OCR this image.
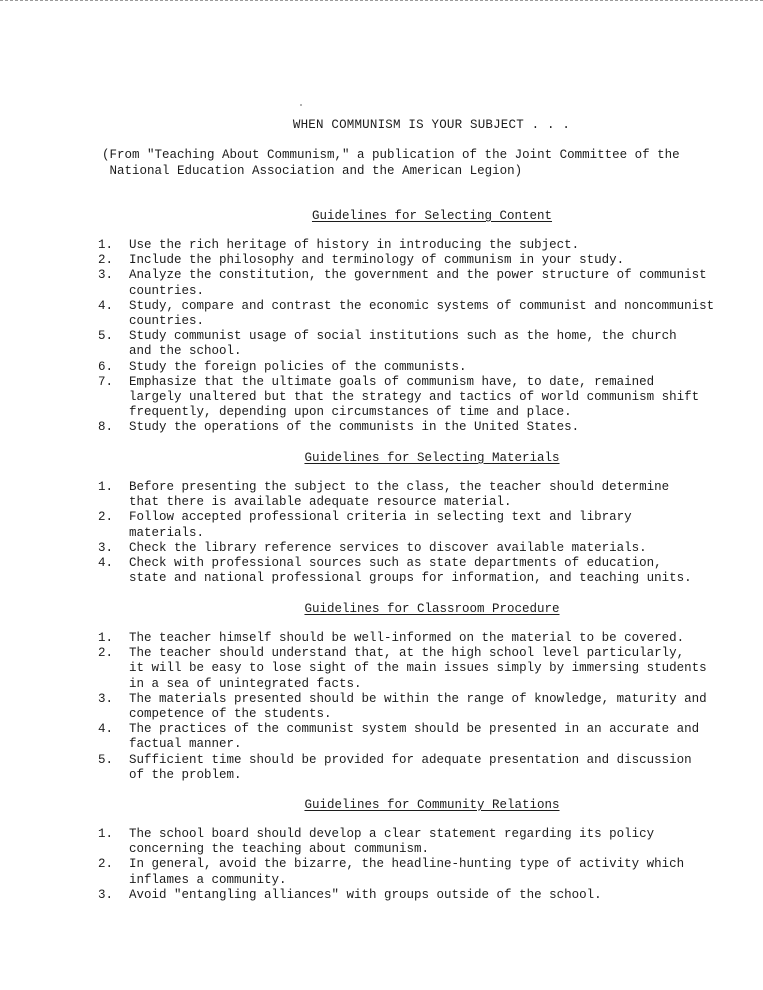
WHEN COMMUNISM IS YOUR SUBJECT . . .
(From "Teaching About Communism," a publication of the Joint Committee of the
National Education Association and the American Legion)
Guidelines for Selecting Content
1.	Use the rich heritage of history in introducing the subject.
2.	Include the philosophy and terminology of communism in your study.
3.	Analyze the constitution, the government and the power structure of communist
countries.
4.	Study, compare and contrast the economic systems of communist and noncommunist
countries.
5.	Study communist usage of social institutions such as the home, the church
and the school.
6.	Study the foreign policies of the communists.
7.	Emphasize that the ultimate goals of communism have, to date, remained
largely unaltered but that the strategy and tactics of world communism shift
frequently, depending upon circumstances of time and place.
8.	Study the operations of the communists in the United States.
Guidelines for Selecting Materials
1.	Before presenting the subject to the class, the teacher should determine
that there is available adequate resource material.
2.	Follow accepted professional criteria in selecting text and library
materials.
3.	Check the library reference services to discover available materials.
4.	Check with professional sources such as state departments of education,
state and national professional groups for information, and teaching units.
Guidelines for Classroom Procedure
1.	The teacher himself should be well-informed on the material to be covered.
2.	The teacher should understand that, at the high school level particularly,
it will be easy to lose sight of the main issues simply by immersing students
in a sea of unintegrated facts.
3.	The materials presented should be within the range of knowledge, maturity and
competence of the students.
4.	The practices of the communist system should be presented in an accurate and
factual manner.
5.	Sufficient time should be provided for adequate presentation and discussion
of the problem.
Guidelines for Community Relations
1.	The school board should develop a clear statement regarding its policy
concerning the teaching about communism.
2.	In general, avoid the bizarre, the headline-hunting type of activity which
inflames a community.
3.	Avoid "entangling alliances" with groups outside of the school.
